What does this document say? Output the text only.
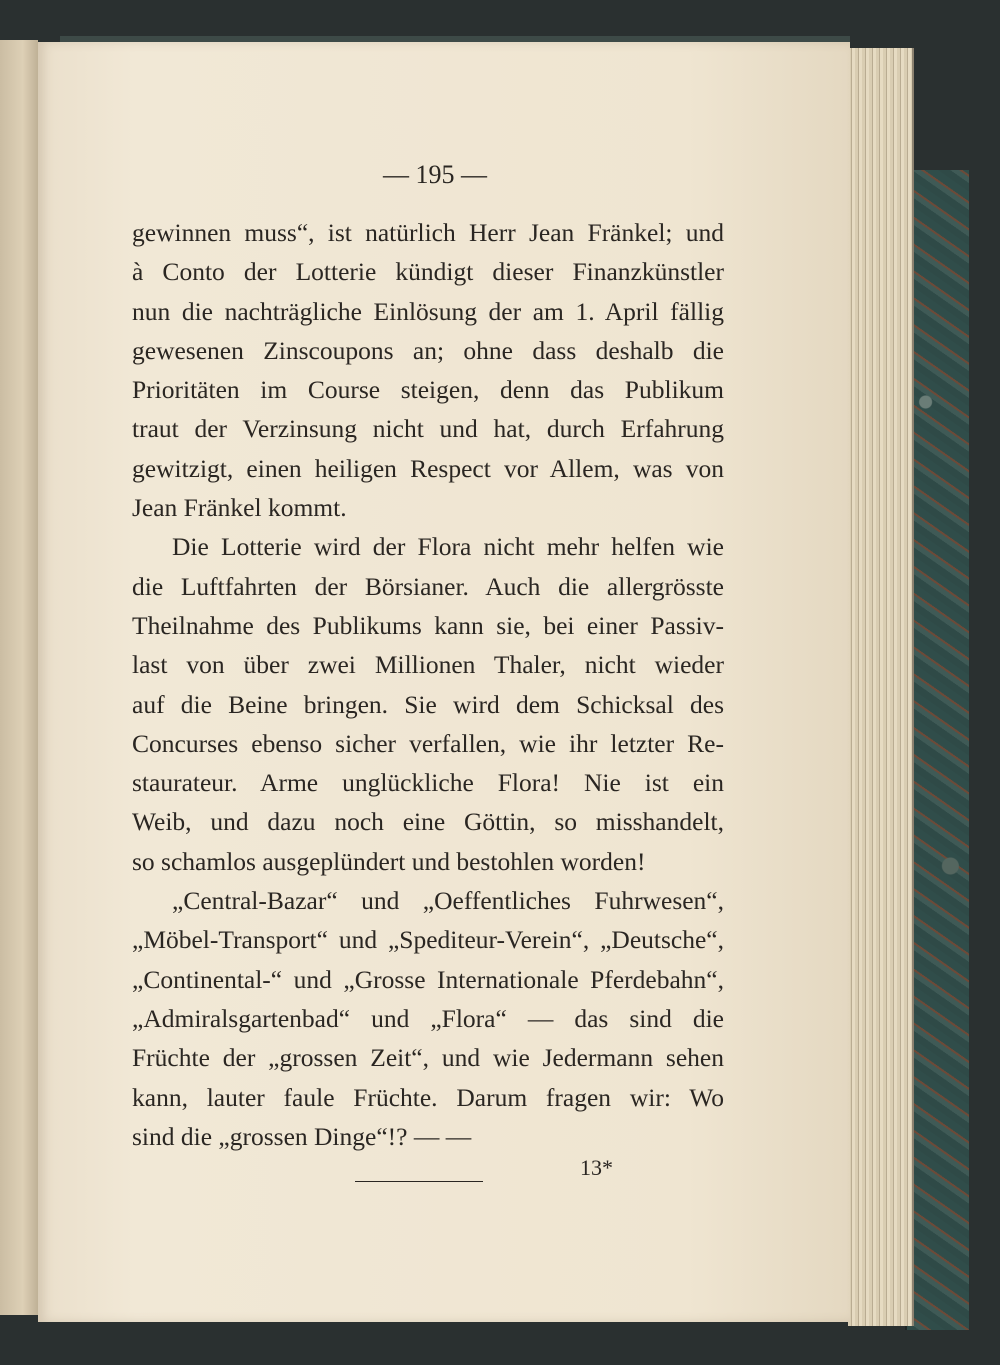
— 195 —
gewinnen muss“, ist natürlich Herr Jean Fränkel; und
à Conto der Lotterie kündigt dieser Finanzkünstler
nun die nachträgliche Einlösung der am 1. April fällig
gewesenen Zinscoupons an; ohne dass deshalb die
Prioritäten im Course steigen, denn das Publikum
traut der Verzinsung nicht und hat, durch Erfahrung
gewitzigt, einen heiligen Respect vor Allem, was von
Jean Fränkel kommt.
Die Lotterie wird der Flora nicht mehr helfen wie
die Luftfahrten der Börsianer. Auch die allergrösste
Theilnahme des Publikums kann sie, bei einer Passiv-
last von über zwei Millionen Thaler, nicht wieder
auf die Beine bringen. Sie wird dem Schicksal des
Concurses ebenso sicher verfallen, wie ihr letzter Re-
staurateur. Arme unglückliche Flora! Nie ist ein
Weib, und dazu noch eine Göttin, so misshandelt,
so schamlos ausgeplündert und bestohlen worden!
„Central-Bazar“ und „Oeffentliches Fuhrwesen“,
„Möbel-Transport“ und „Spediteur-Verein“, „Deutsche“,
„Continental-“ und „Grosse Internationale Pferdebahn“,
„Admiralsgartenbad“ und „Flora“ — das sind die
Früchte der „grossen Zeit“, und wie Jedermann sehen
kann, lauter faule Früchte. Darum fragen wir: Wo
sind die „grossen Dinge“!? — —
13*
